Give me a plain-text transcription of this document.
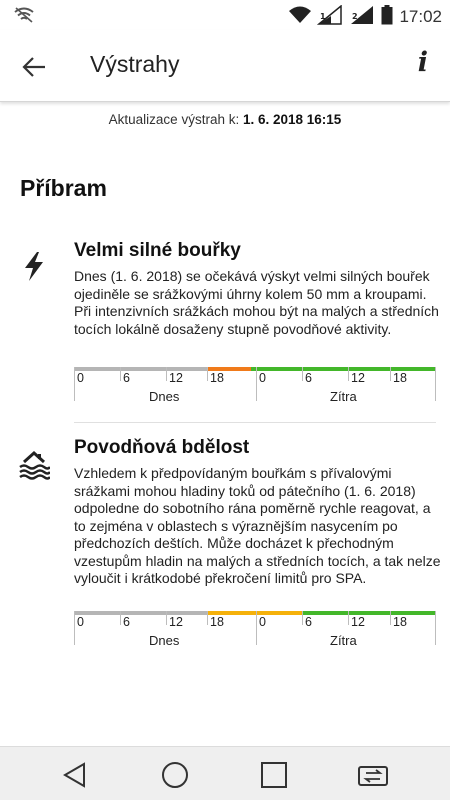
1	2 17:02
Výstrahy	i
Aktualizace výstrah k: 1. 6. 2018 16:15
Příbram
Velmi silné bouřky
Dnes (1. 6. 2018) se očekává výskyt velmi silných bouřek ojediněle se srážkovými úhrny kolem 50 mm a kroupami. Při intenzivních srážkách mohou být na malých a středních tocích lokálně dosaženy stupně povodňové aktivity.
0	6	12 18	0	6	12 18
Dnes	Zítra
Povodňová bdělost
Vzhledem k předpovídaným bouřkám s přívalovými srážkami mohou hladiny toků od pátečního (1. 6. 2018) odpoledne do sobotního rána poměrně rychle reagovat, a to zejména v oblastech s výraznějším nasycením po předchozích deštích. Může docházet k přechodným vzestupům hladin na malých a středních tocích, a tak nelze vyloučit i krátkodobé překročení limitů pro SPA.
0	6	12 18	0	6	12 18
Dnes	Zítra
